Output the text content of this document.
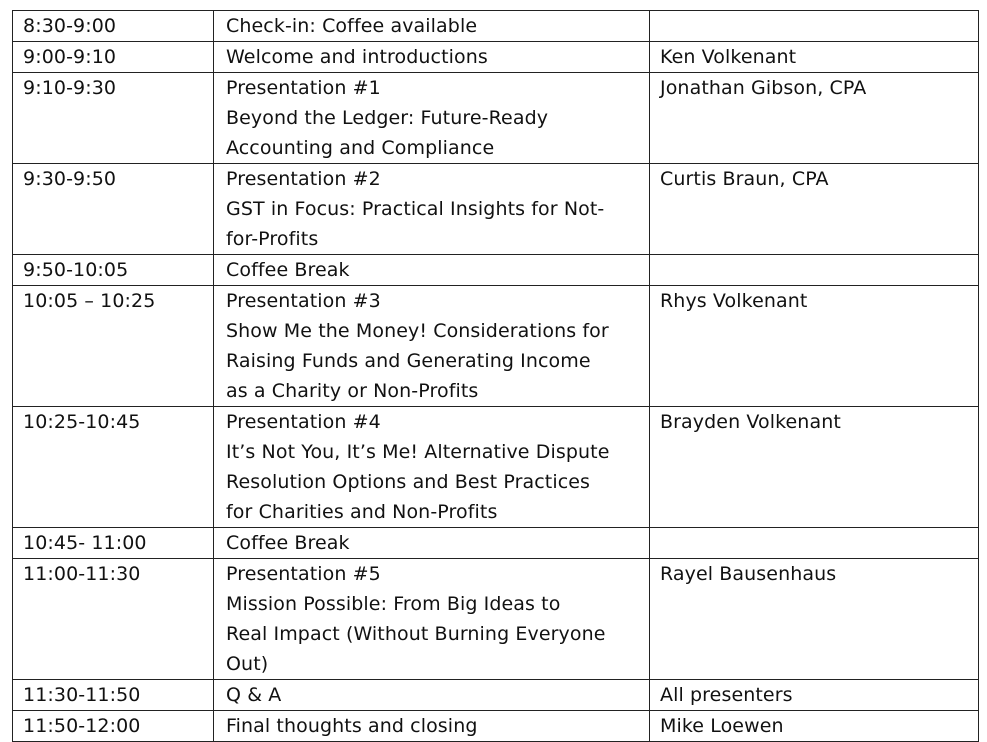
8:30-9:00	Check-in: Coffee available	

9:00-9:10	Welcome and introductions	Ken Volkenant
9:10-9:30	Presentation #1
Beyond the Ledger: Future-Ready
Accounting and Compliance	Jonathan Gibson, CPA
9:30-9:50	Presentation #2
GST in Focus: Practical Insights for Not-
for-Profits	Curtis Braun, CPA
9:50-10:05	Coffee Break	

10:05 – 10:25	Presentation #3
Show Me the Money! Considerations for
Raising Funds and Generating Income
as a Charity or Non-Profits	Rhys Volkenant
10:25-10:45	Presentation #4
It’s Not You, It’s Me! Alternative Dispute
Resolution Options and Best Practices
for Charities and Non-Profits	Brayden Volkenant
10:45- 11:00	Coffee Break	

11:00-11:30	Presentation #5
Mission Possible: From Big Ideas to
Real Impact (Without Burning Everyone
Out)	Rayel Bausenhaus
11:30-11:50	Q & A	All presenters
11:50-12:00	Final thoughts and closing	Mike Loewen
